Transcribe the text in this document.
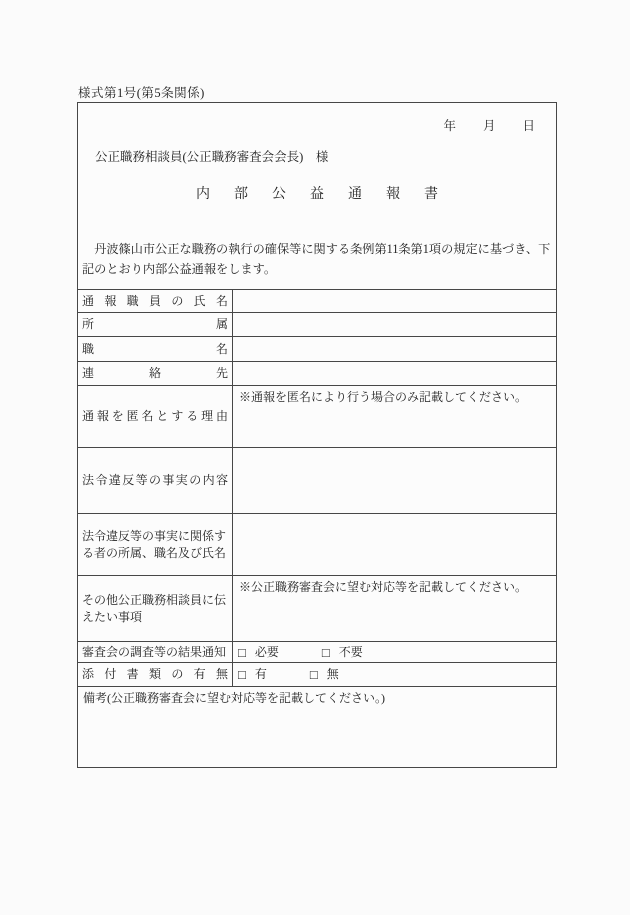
様式第1号(第5条関係)
年 月 日
公正職務相談員(公正職務審査会会長)　様
内部公益通報書
丹波篠山市公正な職務の執行の確保等に関する条例第11条第1項の規定に基づき、下記のとおり内部公益通報をします。
通報職員の氏名
所属
職名
連絡先
通報を匿名とする理由
※通報を匿名により行う場合のみ記載してください。
法令違反等の事実の内容
法令違反等の事実に関係する者の所属、職名及び氏名
その他公正職務相談員に伝えたい事項
※公正職務審査会に望む対応等を記載してください。
審査会の調査等の結果通知 □ 必要	□ 不要
添付書類の有無 □ 有	□ 無
備考(公正職務審査会に望む対応等を記載してください。)
